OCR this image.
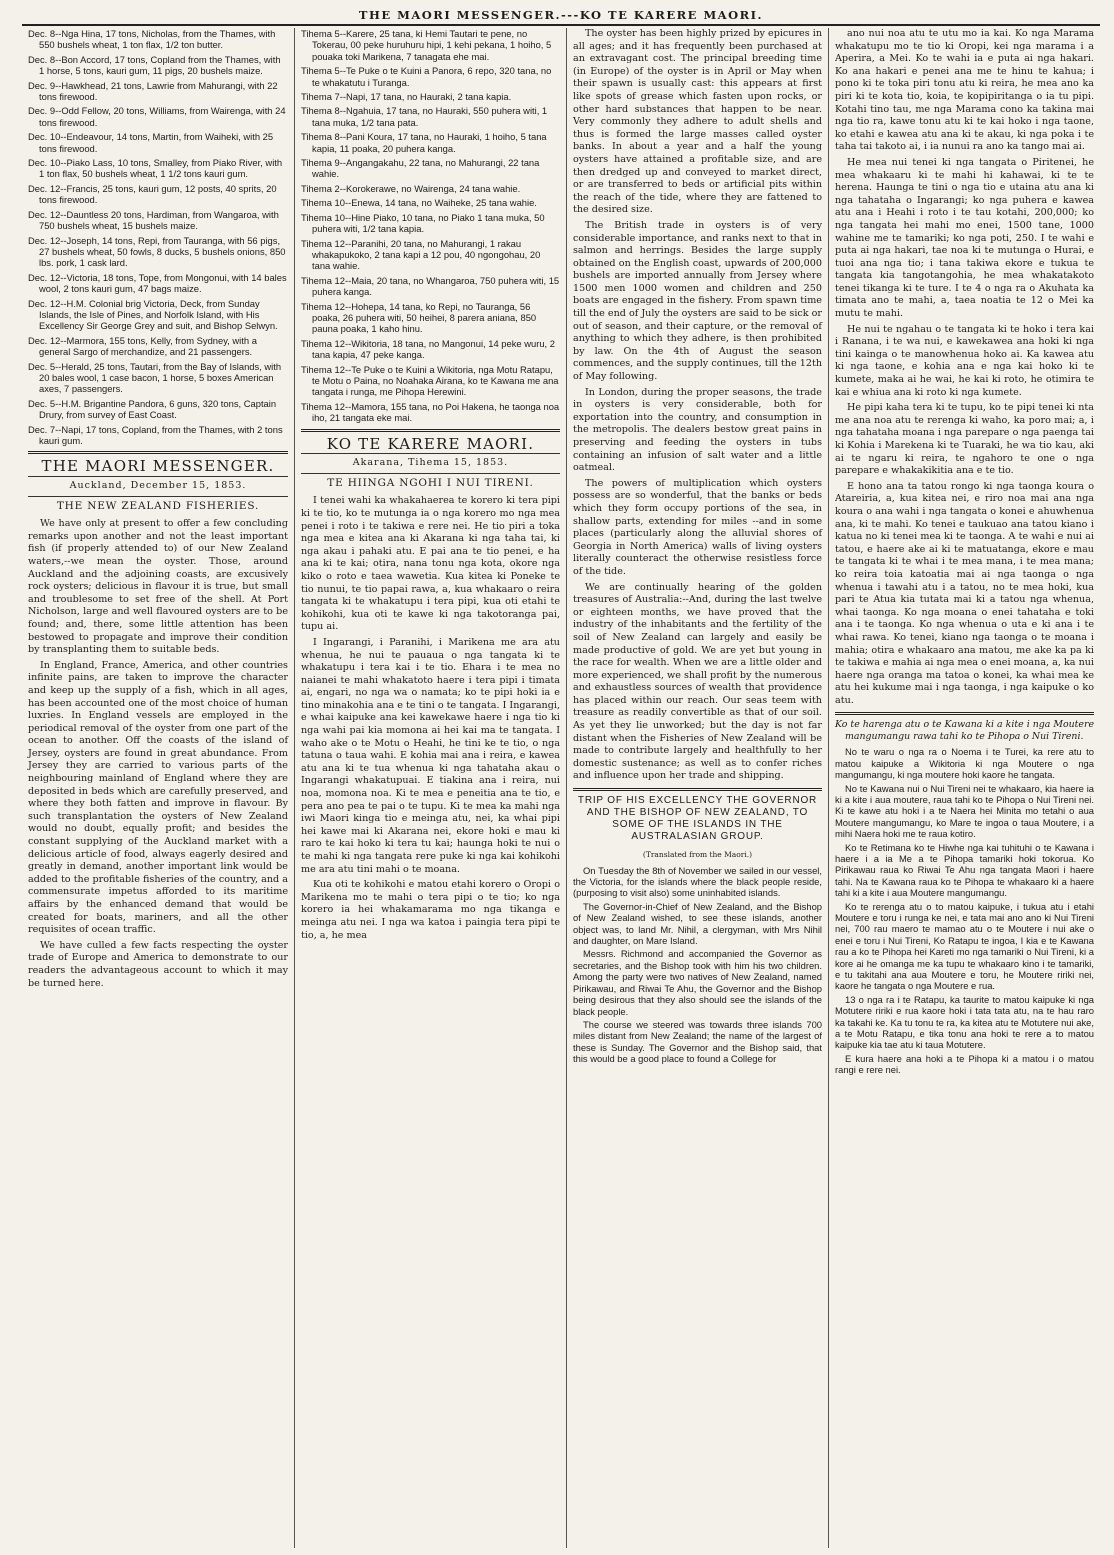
THE MAORI MESSENGER.---KO TE KARERE MAORI.
Dec. 8--Nga Hina, 17 tons, Nicholas, from the Thames, with 550 bushels wheat, 1 ton flax, 1/2 ton butter.
Dec. 8--Bon Accord, 17 tons, Copland from the Thames, with 1 horse, 5 tons, kauri gum, 11 pigs, 20 bushels maize.
Dec. 9--Hawkhead, 21 tons, Lawrie from Mahurangi, with 22 tons firewood.
Dec. 9--Odd Fellow, 20 tons, Williams, from Wairenga, with 24 tons firewood.
Dec. 10--Endeavour, 14 tons, Martin, from Waiheki, with 25 tons firewood.
Dec. 10--Piako Lass, 10 tons, Smalley, from Piako River, with 1 ton flax, 50 bushels wheat, 1 1/2 tons kauri gum.
Dec. 12--Francis, 25 tons, kauri gum, 12 posts, 40 sprits, 20 tons firewood.
Dec. 12--Dauntless 20 tons, Hardiman, from Wangaroa, with 750 bushels wheat, 15 bushels maize.
Dec. 12--Joseph, 14 tons, Repi, from Tauranga, with 56 pigs, 27 bushels wheat, 50 fowls, 8 ducks, 5 bushels onions, 850 lbs. pork, 1 cask lard.
Dec. 12--Victoria, 18 tons, Tope, from Mongonui, with 14 bales wool, 2 tons kauri gum, 47 bags maize.
Dec. 12--H.M. Colonial brig Victoria, Deck, from Sunday Islands, the Isle of Pines, and Norfolk Island, with His Excellency Sir George Grey and suit, and Bishop Selwyn.
Dec. 12--Marmora, 155 tons, Kelly, from Sydney, with a general Sargo of merchandize, and 21 passengers.
Dec. 5--Herald, 25 tons, Tautari, from the Bay of Islands, with 20 bales wool, 1 case bacon, 1 horse, 5 boxes American axes, 7 passengers.
Dec. 5--H.M. Brigantine Pandora, 6 guns, 320 tons, Captain Drury, from survey of East Coast.
Dec. 7--Napi, 17 tons, Copland, from the Thames, with 2 tons kauri gum.
THE MAORI MESSENGER.
Auckland, December 15, 1853.
THE NEW ZEALAND FISHERIES.

We have only at present to offer a few concluding remarks upon another and not the least important fish (if properly attended to) of our New Zealand waters,--we mean the oyster. Those, around Auckland and the adjoining coasts, are excusively rock oysters; delicious in flavour it is true, but small and troublesome to set free of the shell. At Port Nicholson, large and well flavoured oysters are to be found; and, there, some little attention has been bestowed to propagate and improve their condition by transplanting them to suitable beds.

In England, France, America, and other countries infinite pains, are taken to improve the character and keep up the supply of a fish, which in all ages, has been accounted one of the most choice of human luxries. In England vessels are employed in the periodical removal of the oyster from one part of the ocean to another. Off the coasts of the island of Jersey, oysters are found in great abundance. From Jersey they are carried to various parts of the neighbouring mainland of England where they are deposited in beds which are carefully preserved, and where they both fatten and improve in flavour. By such transplantation the oysters of New Zealand would no doubt, equally profit; and besides the constant supplying of the Auckland market with a delicious article of food, always eagerly desired and greatly in demand, another important link would be added to the profitable fisheries of the country, and a commensurate impetus afforded to its maritime affairs by the enhanced demand that would be created for boats, mariners, and all the other requisites of ocean traffic.

We have culled a few facts respecting the oyster trade of Europe and America to demonstrate to our readers the advantageous account to which it may be turned here.

Tihema 5--Karere, 25 tana, ki Hemi Tautari te pene, no Tokerau, 00 peke huruhuru hipi, 1 kehi pekana, 1 hoiho, 5 pouaka toki Marikena, 7 tanagata ehe mai.
Tihema 5--Te Puke o te Kuini a Panora, 6 repo, 320 tana, no te whakatutu i Turanga.
Tihema 7--Napi, 17 tana, no Hauraki, 2 tana kapia.
Tihema 8--Ngahuia, 17 tana, no Hauraki, 550 puhera witi, 1 tana muka, 1/2 tana pata.
Tihema 8--Pani Koura, 17 tana, no Hauraki, 1 hoiho, 5 tana kapia, 11 poaka, 20 puhera kanga.
Tihema 9--Angangakahu, 22 tana, no Mahurangi, 22 tana wahie.
Tihema 2--Korokerawe, no Wairenga, 24 tana wahie.
Tihema 10--Enewa, 14 tana, no Waiheke, 25 tana wahie.
Tihema 10--Hine Piako, 10 tana, no Piako 1 tana muka, 50 puhera witi, 1/2 tana kapia.
Tihema 12--Paranihi, 20 tana, no Mahurangi, 1 rakau whakapukoko, 2 tana kapi a 12 pou, 40 ngongohau, 20 tana wahie.
Tihema 12--Maia, 20 tana, no Whangaroa, 750 puhera witi, 15 puhera kanga.
Tihema 12--Hohepa, 14 tana, ko Repi, no Tauranga, 56 poaka, 26 puhera witi, 50 heihei, 8 parera aniana, 850 pauna poaka, 1 kaho hinu.
Tihema 12--Wikitoria, 18 tana, no Mangonui, 14 peke wuru, 2 tana kapia, 47 peke kanga.
Tihema 12--Te Puke o te Kuini a Wikitoria, nga Motu Ratapu, te Motu o Paina, no Noahaka Airana, ko te Kawana me ana tangata i runga, me Pihopa Herewini.
Tihema 12--Mamora, 155 tana, no Poi Hakena, he taonga noa iho, 21 tangata eke mai.
KO TE KARERE MAORI.
Akarana, Tihema 15, 1853.
TE HIINGA NGOHI I NUI TIRENI.

I tenei wahi ka whakahaerea te korero ki tera pipi ki te tio, ko te mutunga ia o nga korero mo nga mea penei i roto i te takiwa e rere nei. He tio piri a toka nga mea e kitea ana ki Akarana ki nga taha tai, ki nga akau i pahaki atu. E pai ana te tio penei, e ha ana ki te kai; otira, nana tonu nga kota, okore nga kiko o roto e taea wawetia. Kua kitea ki Poneke te tio nunui, te tio papai rawa, a, kua whakaaro o reira tangata ki te whakatupu i tera pipi, kua oti etahi te kohikohi, kua oti te kawe ki nga takotoranga pai, tupu ai.

I Ingarangi, i Paranihi, i Marikena me ara atu whenua, he nui te pauaua o nga tangata ki te whakatupu i tera kai i te tio. Ehara i te mea no naianei te mahi whakatoto haere i tera pipi i timata ai, engari, no nga wa o namata; ko te pipi hoki ia e tino minakohia ana e te tini o te tangata. I Ingarangi, e whai kaipuke ana kei kawekawe haere i nga tio ki nga wahi pai kia momona ai hei kai ma te tangata. I waho ake o te Motu o Heahi, he tini ke te tio, o nga tatuna o taua wahi. E kohia mai ana i reira, e kawea atu ana ki te tua whenua ki nga tahataha akau o Ingarangi whakatupuai. E tiakina ana i reira, nui noa, momona noa. Ki te mea e peneitia ana te tio, e pera ano pea te pai o te tupu. Ki te mea ka mahi nga iwi Maori kinga tio e meinga atu, nei, ka whai pipi hei kawe mai ki Akarana nei, ekore hoki e mau ki raro te kai hoko ki tera tu kai; haunga hoki te nui o te mahi ki nga tangata rere puke ki nga kai kohikohi me ara atu tini mahi o te moana.

Kua oti te kohikohi e matou etahi korero o Oropi o Marikena mo te mahi o tera pipi o te tio; ko nga korero ia hei whakamarama mo nga tikanga e meinga atu nei. I nga wa katoa i paingia tera pipi te tio, a, he mea

The oyster has been highly prized by epicures in all ages; and it has frequently been purchased at an extravagant cost. The principal breeding time (in Europe) of the oyster is in April or May when their spawn is usually cast: this appears at first like spots of grease which fasten upon rocks, or other hard substances that happen to be near. Very commonly they adhere to adult shells and thus is formed the large masses called oyster banks. In about a year and a half the young oysters have attained a profitable size, and are then dredged up and conveyed to market direct, or are transferred to beds or artificial pits within the reach of the tide, where they are fattened to the desired size.

The British trade in oysters is of very considerable importance, and ranks next to that in salmon and herrings. Besides the large supply obtained on the English coast, upwards of 200,000 bushels are imported annually from Jersey where 1500 men 1000 women and children and 250 boats are engaged in the fishery. From spawn time till the end of July the oysters are said to be sick or out of season, and their capture, or the removal of anything to which they adhere, is then prohibited by law. On the 4th of August the season commences, and the supply continues, till the 12th of May following.

In London, during the proper seasons, the trade in oysters is very considerable, both for exportation into the country, and consumption in the metropolis. The dealers bestow great pains in preserving and feeding the oysters in tubs containing an infusion of salt water and a little oatmeal.

The powers of multiplication which oysters possess are so wonderful, that the banks or beds which they form occupy portions of the sea, in shallow parts, extending for miles --and in some places (particularly along the alluvial shores of Georgia in North America) walls of living oysters literally counteract the otherwise resistless force of the tide.

We are continually hearing of the golden treasures of Australia:--And, during the last twelve or eighteen months, we have proved that the industry of the inhabitants and the fertility of the soil of New Zealand can largely and easily be made productive of gold. We are yet but young in the race for wealth. When we are a little older and more experienced, we shall profit by the numerous and exhaustless sources of wealth that providence has placed within our reach. Our seas teem with treasure as readily convertible as that of our soil. As yet they lie unworked; but the day is not far distant when the Fisheries of New Zealand will be made to contribute largely and healthfully to her domestic sustenance; as well as to confer riches and influence upon her trade and shipping.

TRIP OF HIS EXCELLENCY THE GOVERNOR AND THE BISHOP OF NEW ZEALAND, TO SOME OF THE ISLANDS IN THE AUSTRALASIAN GROUP.
(Translated from the Maori.)

On Tuesday the 8th of November we sailed in our vessel, the Victoria, for the islands where the black people reside, (purposing to visit also) some uninhabited islands.

The Governor-in-Chief of New Zealand, and the Bishop of New Zealand wished, to see these islands, another object was, to land Mr. Nihil, a clergyman, with Mrs Nihil and daughter, on Mare Island.

Messrs. Richmond and accompanied the Governor as secretaries, and the Bishop took with him his two children. Among the party were two natives of New Zealand, named Pirikawau, and Riwai Te Ahu, the Governor and the Bishop being desirous that they also should see the islands of the black people.

The course we steered was towards three islands 700 miles distant from New Zealand; the name of the largest of these is Sunday. The Governor and the Bishop said, that this would be a good place to found a College for

ano nui noa atu te utu mo ia kai. Ko nga Marama whakatupu mo te tio ki Oropi, kei nga marama i a Aperira, a Mei. Ko te wahi ia e puta ai nga hakari. Ko ana hakari e penei ana me te hinu te kahua; i pono ki te toka piri tonu atu ki reira, he mea ano ka piri ki te kota tio, koia, te kopipiritanga o ia tu pipi. Kotahi tino tau, me nga Marama cono ka takina mai nga tio ra, kawe tonu atu ki te kai hoko i nga taone, ko etahi e kawea atu ana ki te akau, ki nga poka i te taha tai takoto ai, i ia nunui ra ano ka tango mai ai.

He mea nui tenei ki nga tangata o Piritenei, he mea whakaaru ki te mahi hi kahawai, ki te te herena. Haunga te tini o nga tio e utaina atu ana ki nga tahataha o Ingarangi; ko nga puhera e kawea atu ana i Heahi i roto i te tau kotahi, 200,000; ko nga tangata hei mahi mo enei, 1500 tane, 1000 wahine me te tamariki; ko nga poti, 250. I te wahi e puta ai nga hakari, tae noa ki te mutunga o Hurai, e tuoi ana nga tio; i tana takiwa ekore e tukua te tangata kia tangotangohia, he mea whakatakoto tenei tikanga ki te ture. I te 4 o nga ra o Akuhata ka timata ano te mahi, a, taea noatia te 12 o Mei ka mutu te mahi.

He nui te ngahau o te tangata ki te hoko i tera kai i Ranana, i te wa nui, e kawekawea ana hoki ki nga tini kainga o te manowhenua hoko ai. Ka kawea atu ki nga taone, e kohia ana e nga kai hoko ki te kumete, maka ai he wai, he kai ki roto, he otimira te kai e whiua ana ki roto ki nga kumete.

He pipi kaha tera ki te tupu, ko te pipi tenei ki nta me ana noa atu te rerenga ki waho, ka poro mai; a, i nga tahataha moana i nga parepare o nga paenga tai ki Kohia i Marekena ki te Tuaraki, he wa tio kau, aki ai te ngaru ki reira, te ngahoro te one o nga parepare e whakakikitia ana e te tio.

E hono ana ta tatou rongo ki nga taonga koura o Atareiria, a, kua kitea nei, e riro noa mai ana nga koura o ana wahi i nga tangata o konei e ahuwhenua ana, ki te mahi. Ko tenei e taukuao ana tatou kiano i katua no ki tenei mea ki te taonga. A te wahi e nui ai tatou, e haere ake ai ki te matuatanga, ekore e mau te tangata ki te whai i te mea mana, i te mea mana; ko reira toia katoatia mai ai nga taonga o nga whenua i tawahi atu i a tatou, no te mea hoki, kua pari te Atua kia tutata mai ki a tatou nga whenua, whai taonga. Ko nga moana o enei tahataha e toki ana i te taonga. Ko nga whenua o uta e ki ana i te whai rawa. Ko tenei, kiano nga taonga o te moana i mahia; otira e whakaaro ana matou, me ake ka pa ki te takiwa e mahia ai nga mea o enei moana, a, ka nui haere nga oranga ma tatoa o konei, ka whai mea ke atu hei kukume mai i nga taonga, i nga kaipuke o ko atu.

Ko te harenga atu o te Kawana ki a kite i nga Moutere mangumangu rawa tahi ko te Pihopa o Nui Tireni.

No te waru o nga ra o Noema i te Turei, ka rere atu to matou kaipuke a Wikitoria ki nga Moutere o nga mangumangu, ki nga moutere hoki kaore he tangata.

No te Kawana nui o Nui Tireni nei te whakaaro, kia haere ia ki a kite i aua moutere, raua tahi ko te Pihopa o Nui Tireni nei. Ki te kawe atu hoki i a te Naera hei Minita mo tetahi o aua Moutere mangumangu, ko Mare te ingoa o taua Moutere, i a mihi Naera hoki me te raua kotiro.

Ko te Retimana ko te Hiwhe nga kai tuhituhi o te Kawana i haere i a ia Me a te Pihopa tamariki hoki tokorua. Ko Pirikawau raua ko Riwai Te Ahu nga tangata Maori i haere tahi. Na te Kawana raua ko te Pihopa te whakaaro ki a haere tahi ki a kite i aua Moutere mangumangu.

Ko te rerenga atu o to matou kaipuke, i tukua atu i etahi Moutere e toru i runga ke nei, e tata mai ano ano ki Nui Tireni nei, 700 rau maero te mamao atu o te Moutere i nui ake o enei e toru i Nui Tireni, Ko Ratapu te ingoa, I kia e te Kawana rau a ko te Pihopa hei Kareti mo nga tamariki o Nui Tireni, ki a kore ai he omanga me ka tupu te whakaaro kino i te tamariki, e tu takitahi ana aua Moutere e toru, he Moutere ririki nei, kaore he tangata o nga Moutere e rua.

13 o nga ra i te Ratapu, ka taurite to matou kaipuke ki nga Motutere ririki e rua kaore hoki i tata tata atu, na te hau raro ka takahi ke. Ka tu tonu te ra, ka kitea atu te Motutere nui ake, a te Motu Ratapu, e tika tonu ana hoki te rere a to matou kaipuke kia tae atu ki taua Motutere.

E kura haere ana hoki a te Pihopa ki a matou i o matou rangi e rere nei.
